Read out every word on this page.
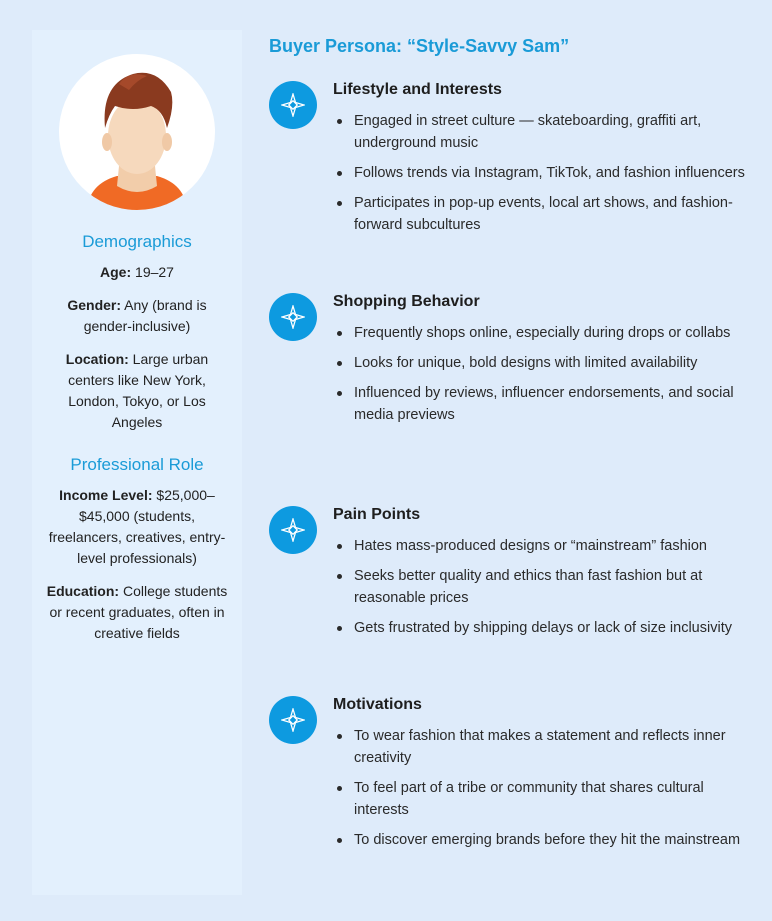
Demographics

Age: 19–27

Gender: Any (brand is gender-inclusive)

Location: Large urban centers like New York, London, Tokyo, or Los Angeles

Professional Role

Income Level: $25,000–$45,000 (students, freelancers, creatives, entry-level professionals)

Education: College students or recent graduates, often in creative fields

Buyer Persona: “Style-Savvy Sam”
Lifestyle and Interests
Engaged in street culture — skateboarding, graffiti art, underground music
Follows trends via Instagram, TikTok, and fashion influencers
Participates in pop-up events, local art shows, and fashion-forward subcultures
Shopping Behavior
Frequently shops online, especially during drops or collabs
Looks for unique, bold designs with limited availability
Influenced by reviews, influencer endorsements, and social media previews
Pain Points
Hates mass-produced designs or “mainstream” fashion
Seeks better quality and ethics than fast fashion but at reasonable prices
Gets frustrated by shipping delays or lack of size inclusivity
Motivations
To wear fashion that makes a statement and reflects inner creativity
To feel part of a tribe or community that shares cultural interests
To discover emerging brands before they hit the mainstream
